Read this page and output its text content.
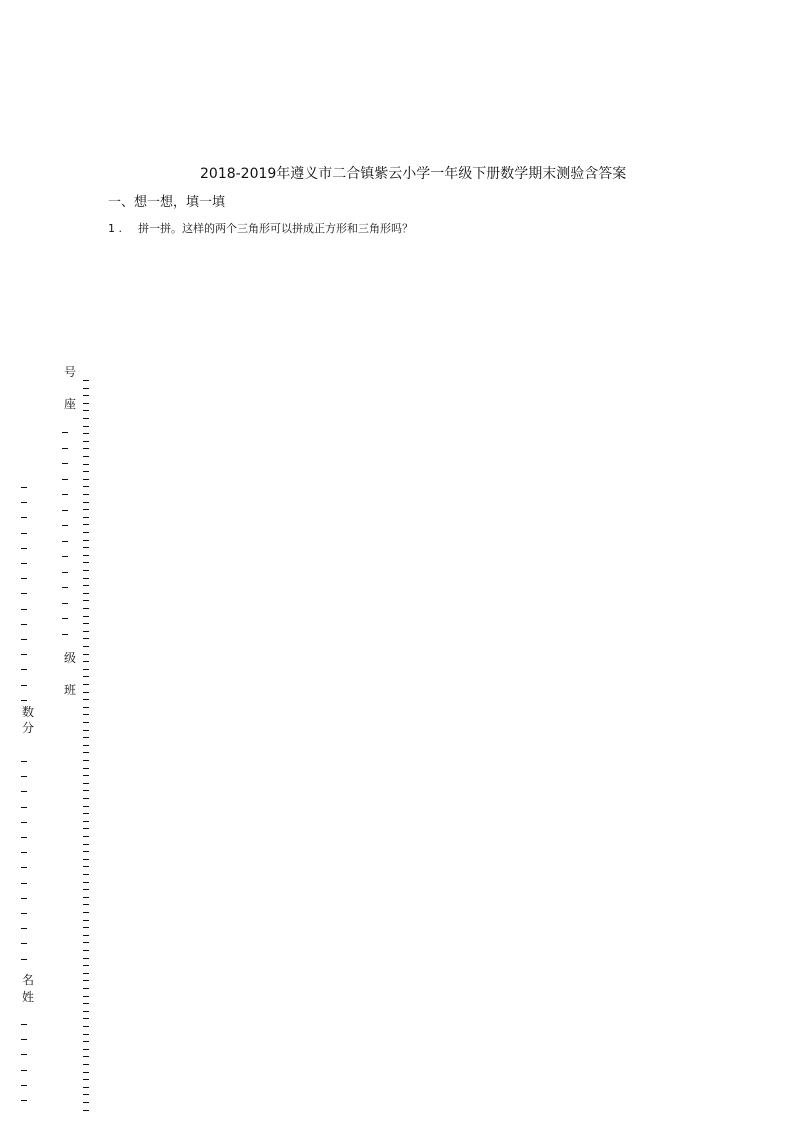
2018-2019年遵义市二合镇紫云小学一年级下册数学期末测验含答案
一、想一想，填一填
1 . 拼一拼。这样的两个三角形可以拼成正方形和三角形吗？
号
座
级
班
数
分
名
姓
